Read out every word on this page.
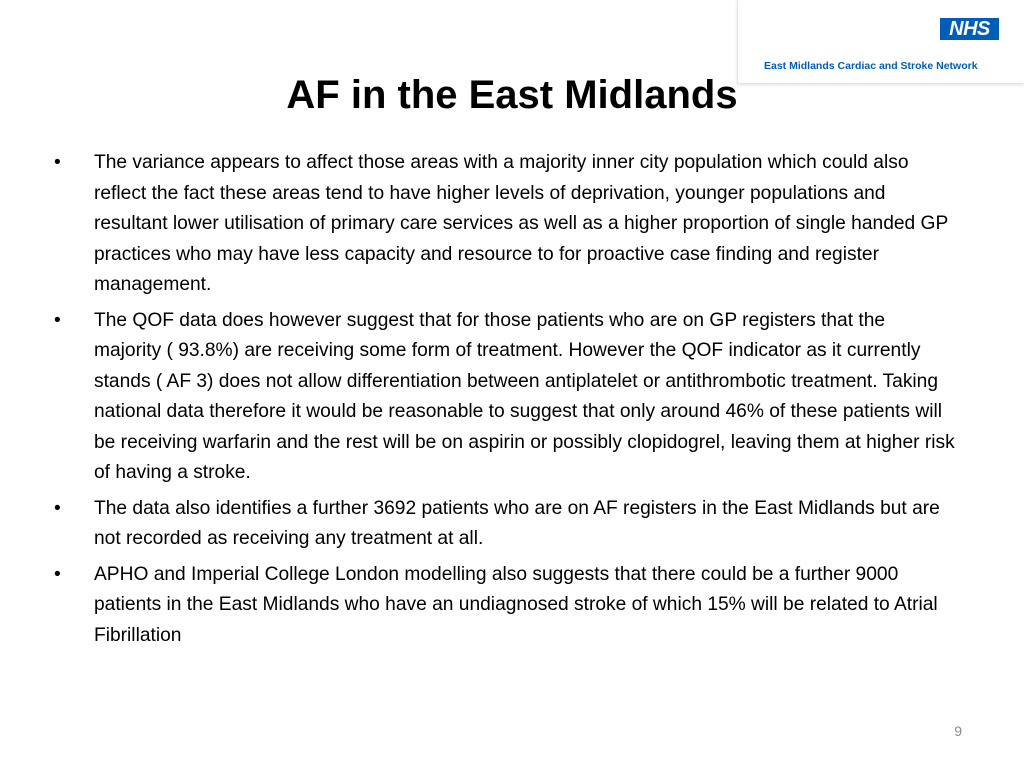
NHS
East Midlands Cardiac and Stroke Network
AF in the East Midlands
• The variance appears to affect those areas with a majority inner city population which could also reflect the fact these areas tend to have higher levels of deprivation, younger populations and resultant lower utilisation of primary care services as well as a higher proportion of single handed GP practices who may have less capacity and resource to for proactive case finding and register management.
• The QOF data does however suggest that for those patients who are on GP registers that the majority ( 93.8%) are receiving some form of treatment. However the QOF indicator as it currently stands ( AF 3) does not allow differentiation between antiplatelet or antithrombotic treatment. Taking national data therefore it would be reasonable to suggest that only around 46% of these patients will be receiving warfarin and the rest will be on aspirin or possibly clopidogrel, leaving them at higher risk of having a stroke.
• The data also identifies a further 3692 patients who are on AF registers in the East Midlands but are not recorded as receiving any treatment at all.
• APHO and Imperial College London modelling also suggests that there could be a further 9000 patients in the East Midlands who have an undiagnosed stroke of which 15% will be related to Atrial Fibrillation
9
